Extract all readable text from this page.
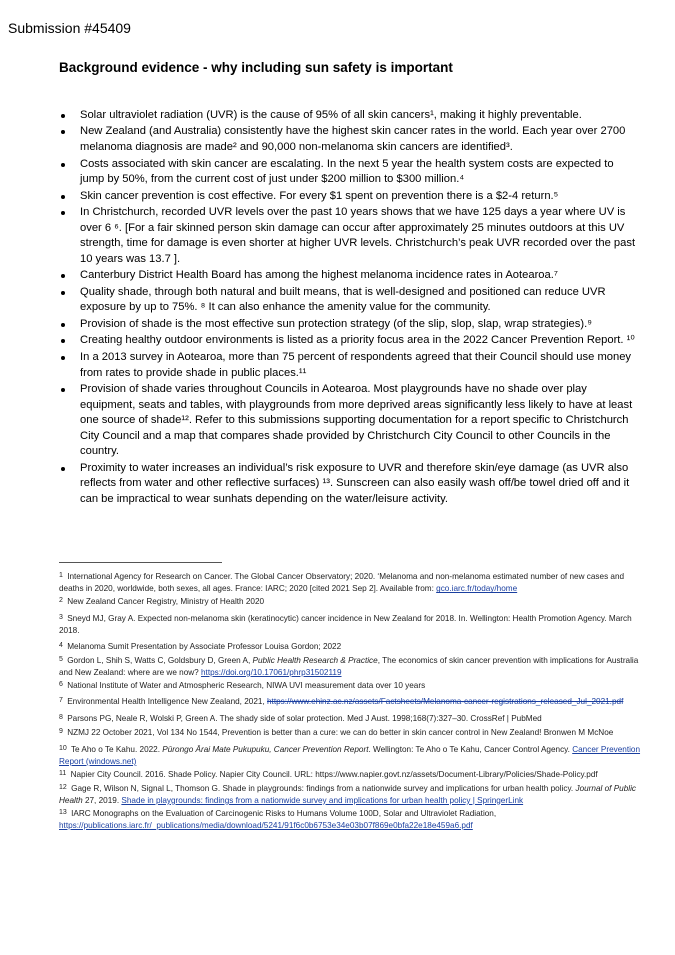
Submission #45409
Background evidence - why including sun safety is important
Solar ultraviolet radiation (UVR) is the cause of 95% of all skin cancers¹, making it highly preventable.
New Zealand (and Australia) consistently have the highest skin cancer rates in the world. Each year over 2700 melanoma diagnosis are made² and 90,000 non-melanoma skin cancers are identified³.
Costs associated with skin cancer are escalating. In the next 5 year the health system costs are expected to jump by 50%, from the current cost of just under $200 million to $300 million.⁴
Skin cancer prevention is cost effective. For every $1 spent on prevention there is a $2-4 return.⁵
In Christchurch, recorded UVR levels over the past 10 years shows that we have 125 days a year where UV is over 6 ⁶. [For a fair skinned person skin damage can occur after approximately 25 minutes outdoors at this UV strength, time for damage is even shorter at higher UVR levels. Christchurch’s peak UVR recorded over the past 10 years was 13.7 ].
Canterbury District Health Board has among the highest melanoma incidence rates in Aotearoa.⁷
Quality shade, through both natural and built means, that is well-designed and positioned can reduce UVR exposure by up to 75%. ⁸ It can also enhance the amenity value for the community.
Provision of shade is the most effective sun protection strategy (of the slip, slop, slap, wrap strategies).⁹
Creating healthy outdoor environments is listed as a priority focus area in the 2022 Cancer Prevention Report. ¹⁰
In a 2013 survey in Aotearoa, more than 75 percent of respondents agreed that their Council should use money from rates to provide shade in public places.¹¹
Provision of shade varies throughout Councils in Aotearoa. Most playgrounds have no shade over play equipment, seats and tables, with playgrounds from more deprived areas significantly less likely to have at least one source of shade¹². Refer to this submissions supporting documentation for a report specific to Christchurch City Council and a map that compares shade provided by Christchurch City Council to other Councils in the country.
Proximity to water increases an individual’s risk exposure to UVR and therefore skin/eye damage (as UVR also reflects from water and other reflective surfaces) ¹³. Sunscreen can also easily wash off/be towel dried off and it can be impractical to wear sunhats depending on the water/leisure activity.
1 International Agency for Research on Cancer. The Global Cancer Observatory; 2020. ‘Melanoma and non-melanoma estimated number of new cases and deaths in 2020, worldwide, both sexes, all ages. France: IARC; 2020 [cited 2021 Sep 2]. Available from: gco.iarc.fr/today/home
2 New Zealand Cancer Registry, Ministry of Health 2020
3 Sneyd MJ, Gray A. Expected non-melanoma skin (keratinocytic) cancer incidence in New Zealand for 2018. In. Wellington: Health Promotion Agency. March 2018.
4 Melanoma Sumit Presentation by Associate Professor Louisa Gordon; 2022
5 Gordon L, Shih S, Watts C, Goldsbury D, Green A, Public Health Research & Practice, The economics of skin cancer prevention with implications for Australia and New Zealand: where are we now? https://doi.org/10.17061/phrp31502119
6 National Institute of Water and Atmospheric Research, NIWA UVI measurement data over 10 years
7 Environmental Health Intelligence New Zealand, 2021, https://www.ehinz.ac.nz/assets/Factsheets/Melanoma-cancer-registrations_released_Jul_2021.pdf
8 Parsons PG, Neale R, Wolski P, Green A. The shady side of solar protection. Med J Aust. 1998;168(7):327–30. CrossRef | PubMed
9 NZMJ 22 October 2021, Vol 134 No 1544, Prevention is better than a cure: we can do better in skin cancer control in New Zealand! Bronwen M McNoe
10 Te Aho o Te Kahu. 2022. Pūrongo Ārai Mate Pukupuku, Cancer Prevention Report. Wellington: Te Aho o Te Kahu, Cancer Control Agency. Cancer Prevention Report (windows.net)
11 Napier City Council. 2016. Shade Policy. Napier City Council. URL: https://www.napier.govt.nz/assets/Document-Library/Policies/Shade-Policy.pdf
12 Gage R, Wilson N, Signal L, Thomson G. Shade in playgrounds: findings from a nationwide survey and implications for urban health policy. Journal of Public Health 27, 2019. Shade in playgrounds: findings from a nationwide survey and implications for urban health policy | SpringerLink
13 IARC Monographs on the Evaluation of Carcinogenic Risks to Humans Volume 100D, Solar and Ultraviolet Radiation, https://publications.iarc.fr/_publications/media/download/5241/91f6c0b6753e34e03b07f869e0bfa22e18e459a6.pdf
